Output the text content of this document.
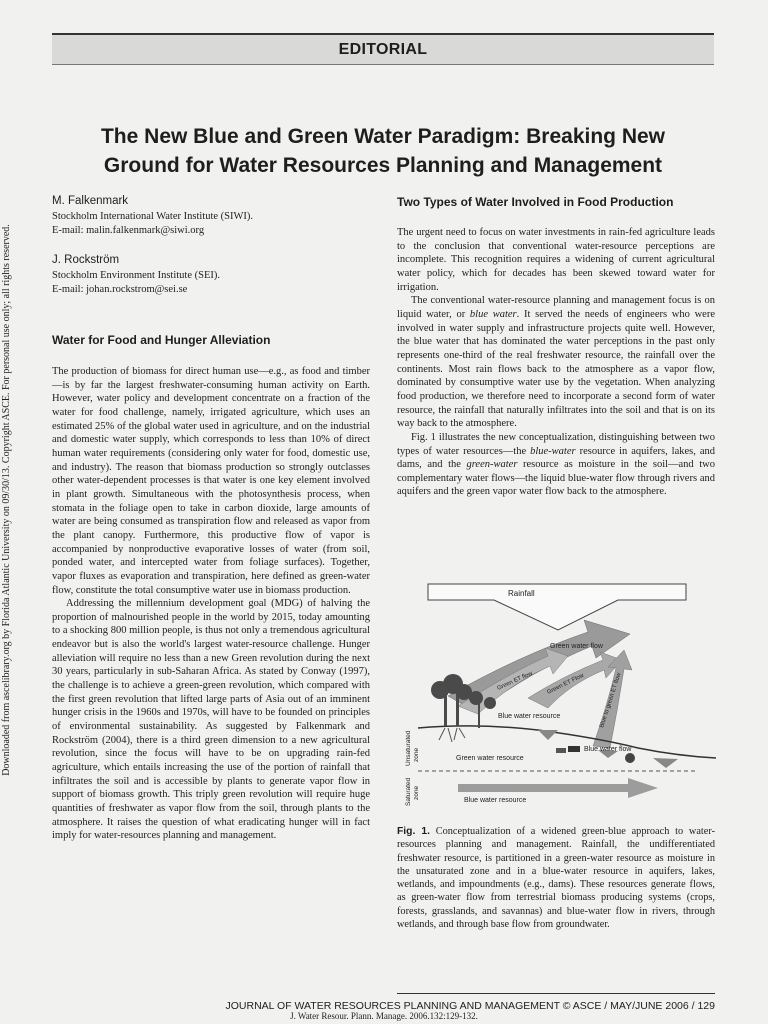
Downloaded from ascelibrary.org by Florida Atlantic University on 09/30/13. Copyright ASCE. For personal use only; all rights reserved.
EDITORIAL
The New Blue and Green Water Paradigm: Breaking New
Ground for Water Resources Planning and Management
M. Falkenmark
Stockholm International Water Institute (SIWI).
E-mail: malin.falkenmark@siwi.org
J. Rockström
Stockholm Environment Institute (SEI).
E-mail: johan.rockstrom@sei.se
Water for Food and Hunger Alleviation

The production of biomass for direct human use—e.g., as food and timber—is by far the largest freshwater-consuming human activity on Earth. However, water policy and development concentrate on a fraction of the water for food challenge, namely, irrigated agriculture, which uses an estimated 25% of the global water used in agriculture, and on the industrial and domestic water supply, which corresponds to less than 10% of direct human water requirements (considering only water for food, domestic use, and industry). The reason that biomass production so strongly outclasses other water-dependent processes is that water is one key element involved in plant growth. Simultaneous with the photosynthesis process, when stomata in the foliage open to take in carbon dioxide, large amounts of water are being consumed as transpiration flow and released as vapor from the plant canopy. Furthermore, this productive flow of vapor is accompanied by nonproductive evaporative losses of water (from soil, ponded water, and intercepted water from foliage surfaces). Together, vapor fluxes as evaporation and transpiration, here defined as green-water flow, constitute the total consumptive water use in biomass production.

Addressing the millennium development goal (MDG) of halving the proportion of malnourished people in the world by 2015, today amounting to a shocking 800 million people, is thus not only a tremendous agricultural endeavor but is also the world's largest water-resource challenge. Hunger alleviation will require no less than a new Green revolution during the next 30 years, particularly in sub-Saharan Africa. As stated by Conway (1997), the challenge is to achieve a green-green revolution, which compared with the first green revolution that lifted large parts of Asia out of an imminent hunger crisis in the 1960s and 1970s, will have to be founded on principles of environmental sustainability. As suggested by Falkenmark and Rockström (2004), there is a third green dimension to a new agricultural revolution, since the focus will have to be on upgrading rain-fed agriculture, which entails increasing the use of the portion of rainfall that infiltrates the soil and is accessible by plants to generate vapor flow in support of biomass growth. This triply green revolution will require huge quantities of freshwater as vapor flow from the soil, through plants to the atmosphere. It raises the question of what eradicating hunger will in fact imply for water-resources planning and management.

Two Types of Water Involved in Food Production

The urgent need to focus on water investments in rain-fed agriculture leads to the conclusion that conventional water-resource perceptions are incomplete. This recognition requires a widening of current agricultural water policy, which for decades has been skewed toward water for irrigation.

The conventional water-resource planning and management focus is on liquid water, or blue water. It served the needs of engineers who were involved in water supply and infrastructure projects quite well. However, the blue water that has dominated the water perceptions in the past only represents one-third of the real freshwater resource, the rainfall over the continents. Most rain flows back to the atmosphere as a vapor flow, dominated by consumptive water use by the vegetation. When analyzing food production, we therefore need to incorporate a second form of water resource, the rainfall that naturally infiltrates into the soil and that is on its way back to the atmosphere.

Fig. 1 illustrates the new conceptualization, distinguishing between two types of water resources—the blue-water resource in aquifers, lakes, and dams, and the green-water resource as moisture in the soil—and two complementary water flows—the liquid blue-water flow through rivers and aquifers and the green vapor water flow back to the atmosphere.

Rainfall
Green water flow
Green ET flow Green ET Flow Blue to green ET flow
Blue water resource
Blue water flow
Green water resource
Unsaturated zone
Saturated zone
Blue water resource

Fig. 1. Conceptualization of a widened green-blue approach to water-resources planning and management. Rainfall, the undifferentiated freshwater resource, is partitioned in a green-water resource as moisture in the unsaturated zone and in a blue-water resource in aquifers, lakes, wetlands, and impoundments (e.g., dams). These resources generate flows, as green-water flow from terrestrial biomass producing systems (crops, forests, grasslands, and savannas) and blue-water flow in rivers, through wetlands, and through base flow from groundwater.

JOURNAL OF WATER RESOURCES PLANNING AND MANAGEMENT © ASCE / MAY/JUNE 2006 / 129
J. Water Resour. Plann. Manage. 2006.132:129-132.
